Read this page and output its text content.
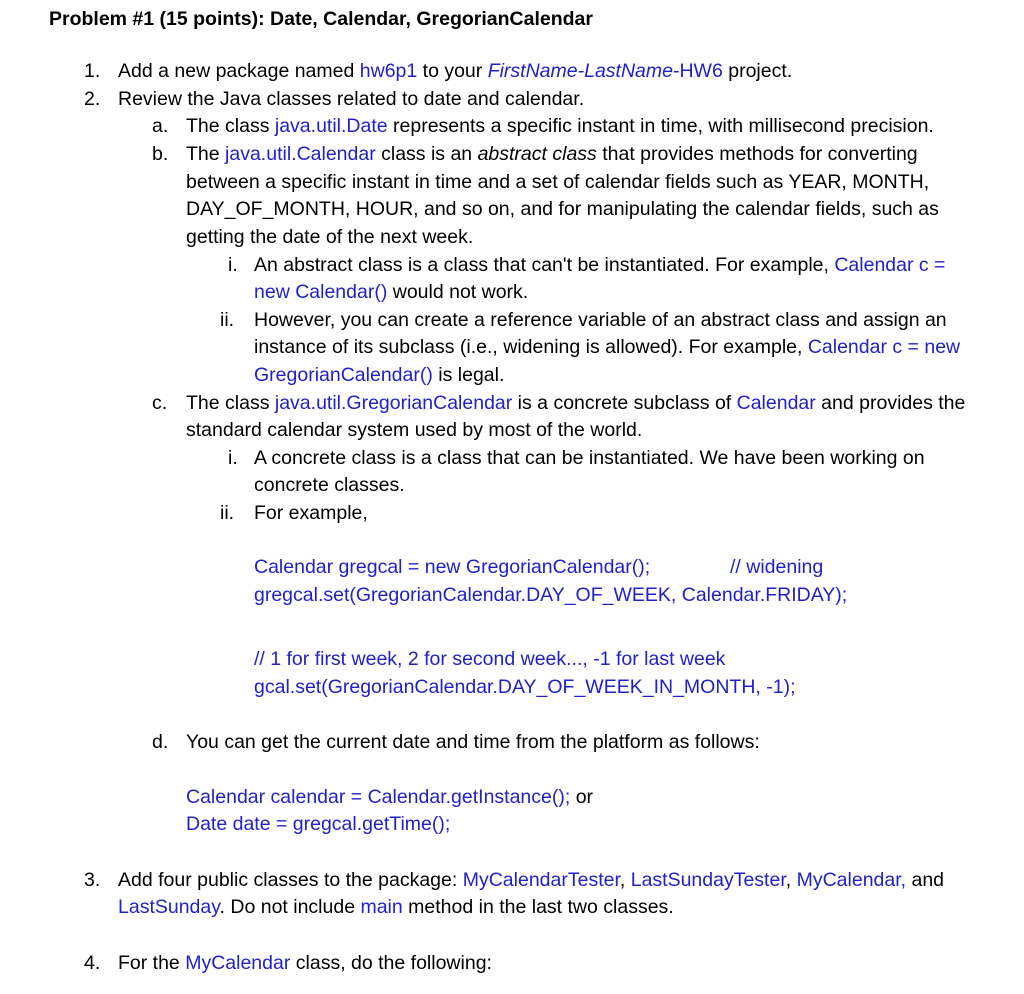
Problem #1 (15 points): Date, Calendar, GregorianCalendar
1. Add a new package named hw6p1 to your FirstName-LastName-HW6 project.
2. Review the Java classes related to date and calendar.
a. The class java.util.Date represents a specific instant in time, with millisecond precision.
b. The java.util.Calendar class is an abstract class that provides methods for converting
between a specific instant in time and a set of calendar fields such as YEAR, MONTH,
DAY_OF_MONTH, HOUR, and so on, and for manipulating the calendar fields, such as
getting the date of the next week.
i. An abstract class is a class that can't be instantiated. For example, Calendar c =
new Calendar() would not work.
ii. However, you can create a reference variable of an abstract class and assign an
instance of its subclass (i.e., widening is allowed). For example, Calendar c = new
GregorianCalendar() is legal.
c. The class java.util.GregorianCalendar is a concrete subclass of Calendar and provides the
standard calendar system used by most of the world.
i. A concrete class is a class that can be instantiated. We have been working on
concrete classes.
ii. For example,
Calendar gregcal = new GregorianCalendar();	// widening
gregcal.set(GregorianCalendar.DAY_OF_WEEK, Calendar.FRIDAY);
// 1 for first week, 2 for second week..., -1 for last week
gcal.set(GregorianCalendar.DAY_OF_WEEK_IN_MONTH, -1);
d. You can get the current date and time from the platform as follows:
Calendar calendar = Calendar.getInstance(); or
Date date = gregcal.getTime();
3. Add four public classes to the package: MyCalendarTester, LastSundayTester, MyCalendar, and
LastSunday. Do not include main method in the last two classes.
4. For the MyCalendar class, do the following:
